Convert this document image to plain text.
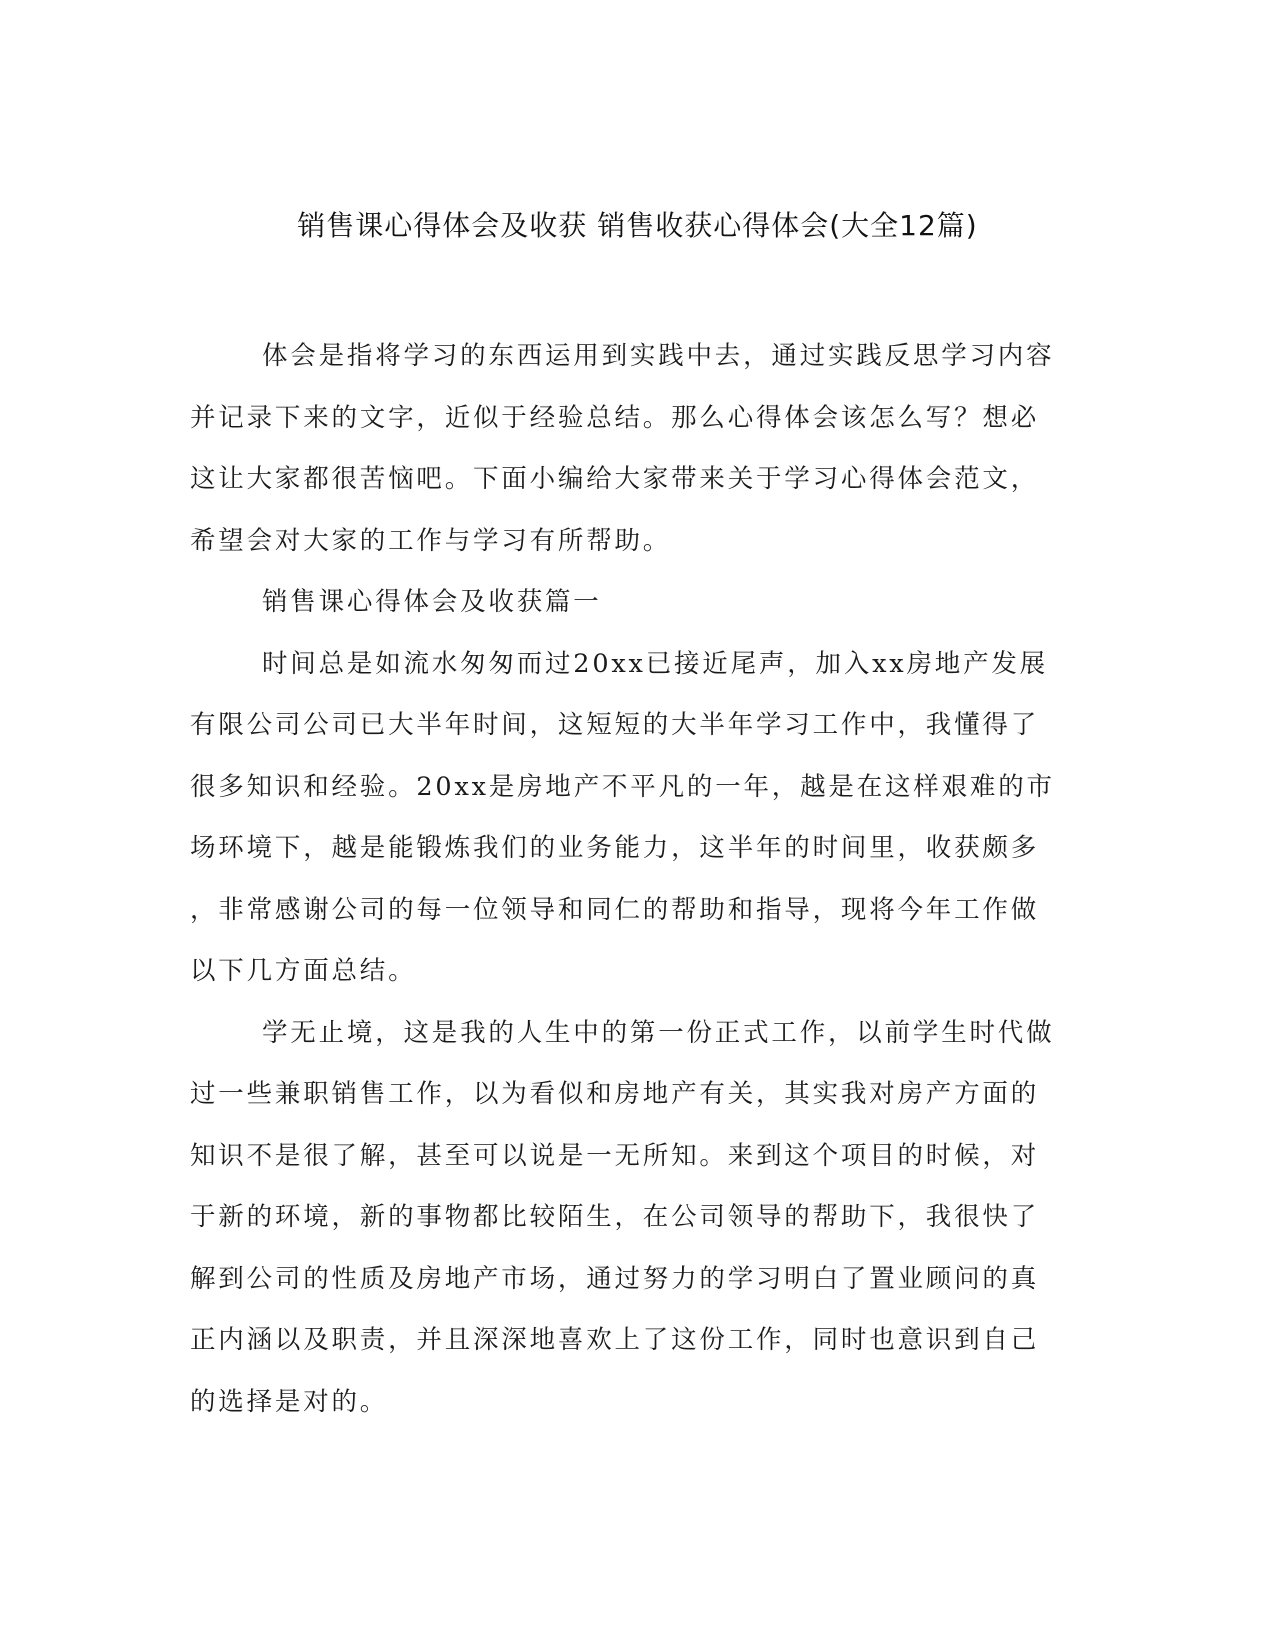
销售课心得体会及收获 销售收获心得体会(大全12篇)
体会是指将学习的东西运用到实践中去，通过实践反思学习内容
并记录下来的文字，近似于经验总结。那么心得体会该怎么写？想必
这让大家都很苦恼吧。下面小编给大家带来关于学习心得体会范文，
希望会对大家的工作与学习有所帮助。
销售课心得体会及收获篇一
时间总是如流水匆匆而过20xx已接近尾声，加入xx房地产发展
有限公司公司已大半年时间，这短短的大半年学习工作中，我懂得了
很多知识和经验。20xx是房地产不平凡的一年，越是在这样艰难的市
场环境下，越是能锻炼我们的业务能力，这半年的时间里，收获颇多
，非常感谢公司的每一位领导和同仁的帮助和指导，现将今年工作做
以下几方面总结。
学无止境，这是我的人生中的第一份正式工作，以前学生时代做
过一些兼职销售工作，以为看似和房地产有关，其实我对房产方面的
知识不是很了解，甚至可以说是一无所知。来到这个项目的时候，对
于新的环境，新的事物都比较陌生，在公司领导的帮助下，我很快了
解到公司的性质及房地产市场，通过努力的学习明白了置业顾问的真
正内涵以及职责，并且深深地喜欢上了这份工作，同时也意识到自己
的选择是对的。
